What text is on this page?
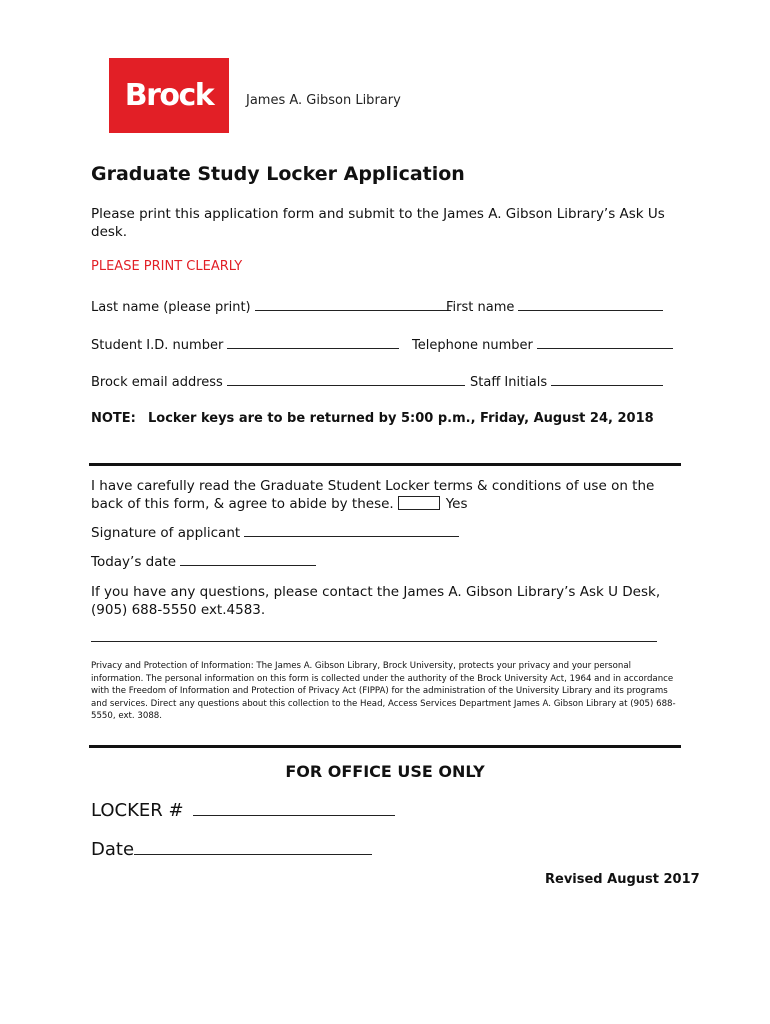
Brock	James A. Gibson Library
Graduate Study Locker Application
Please print this application form and submit to the James A. Gibson Library’s Ask Us desk.
PLEASE PRINT CLEARLY
Last name (please print)	First name
Student I.D. number	Telephone number
Brock email address	Staff Initials
NOTE: Locker keys are to be returned by 5:00 p.m., Friday, August 24, 2018
I have carefully read the Graduate Student Locker terms & conditions of use on the back of this form, & agree to abide by these.	Yes
Signature of applicant
Today’s date
If you have any questions, please contact the James A. Gibson Library’s Ask U Desk, (905) 688-5550 ext.4583.
Privacy and Protection of Information: The James A. Gibson Library, Brock University, protects your privacy and your personal information. The personal information on this form is collected under the authority of the Brock University Act, 1964 and in accordance with the Freedom of Information and Protection of Privacy Act (FIPPA) for the administration of the University Library and its programs and services. Direct any questions about this collection to the Head, Access Services Department James A. Gibson Library at (905) 688-5550, ext. 3088.
FOR OFFICE USE ONLY
LOCKER #
Date
Revised August 2017
